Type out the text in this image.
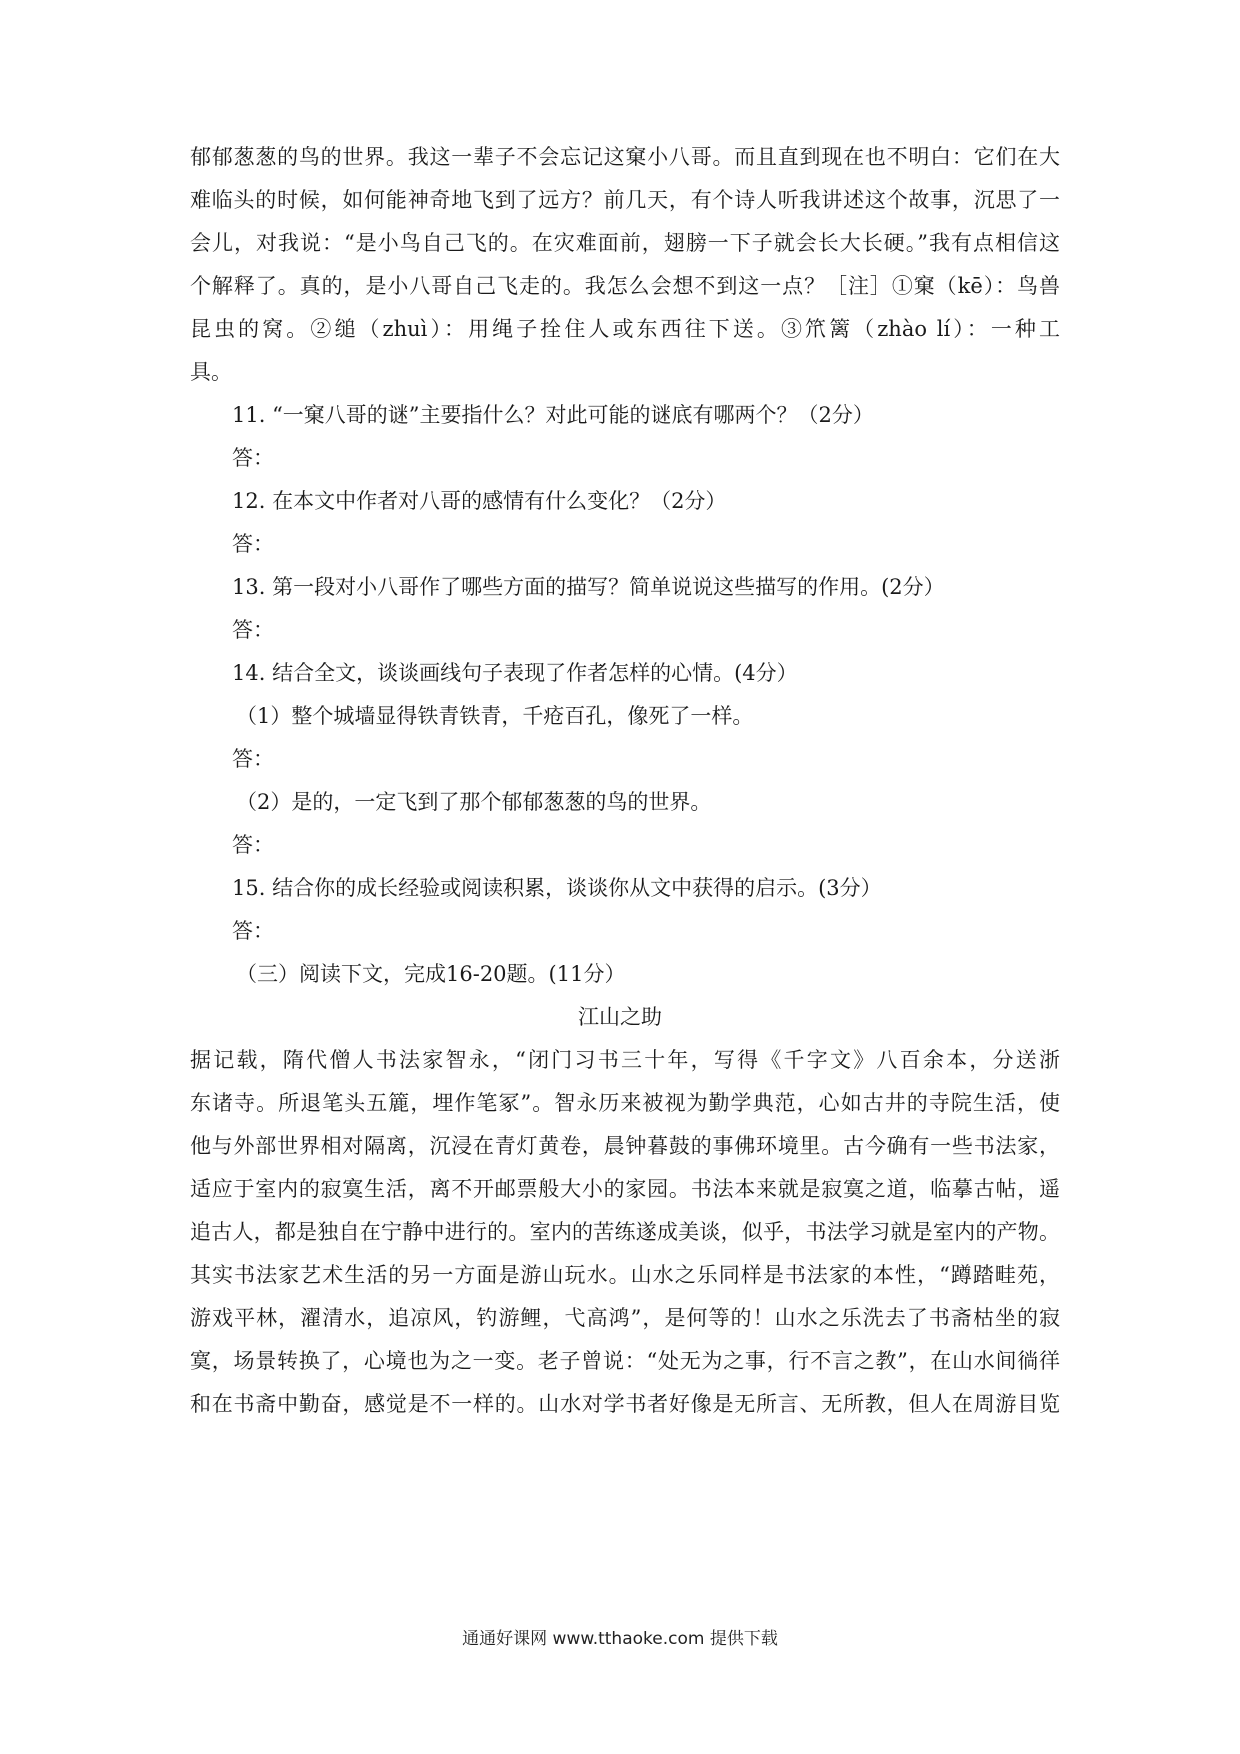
郁郁葱葱的鸟的世界。我这一辈子不会忘记这窠小八哥。而且直到现在也不明白：它们在大
难临头的时候，如何能神奇地飞到了远方？前几天，有个诗人听我讲述这个故事，沉思了一
会儿，对我说：“是小鸟自己飞的。在灾难面前，翅膀一下子就会长大长硬。”我有点相信这
个解释了。真的，是小八哥自己飞走的。我怎么会想不到这一点？［注］①窠（kē）：鸟兽
昆虫的窝。②缒（zhuì）：用绳子拴住人或东西往下送。③笊篱（zhào lí）：一种工
具。
11. “一窠八哥的谜”主要指什么？对此可能的谜底有哪两个？（2分）
答：
12. 在本文中作者对八哥的感情有什么变化？（2分）
答：
13. 第一段对小八哥作了哪些方面的描写？简单说说这些描写的作用。(2分）
答：
14. 结合全文，谈谈画线句子表现了作者怎样的心情。(4分）
（1）整个城墙显得铁青铁青，千疮百孔，像死了一样。
答：
（2）是的，一定飞到了那个郁郁葱葱的鸟的世界。
答：
15. 结合你的成长经验或阅读积累，谈谈你从文中获得的启示。(3分）
答：
（三）阅读下文，完成16-20题。(11分）
江山之助
据记载，隋代僧人书法家智永，“闭门习书三十年，写得《千字文》八百余本，分送浙
东诸寺。所退笔头五簏，埋作笔冢”。智永历来被视为勤学典范，心如古井的寺院生活，使
他与外部世界相对隔离，沉浸在青灯黄卷，晨钟暮鼓的事佛环境里。古今确有一些书法家，
适应于室内的寂寞生活，离不开邮票般大小的家园。书法本来就是寂寞之道，临摹古帖，遥
追古人，都是独自在宁静中进行的。室内的苦练遂成美谈，似乎，书法学习就是室内的产物。
其实书法家艺术生活的另一方面是游山玩水。山水之乐同样是书法家的本性，“蹲踏畦苑，
游戏平林，濯清水，追凉风，钓游鲤，弋高鸿”，是何等的！山水之乐洗去了书斋枯坐的寂
寞，场景转换了，心境也为之一变。老子曾说：“处无为之事，行不言之教”，在山水间徜徉
和在书斋中勤奋，感觉是不一样的。山水对学书者好像是无所言、无所教，但人在周游目览
通通好课网 www.tthaoke.com 提供下载
